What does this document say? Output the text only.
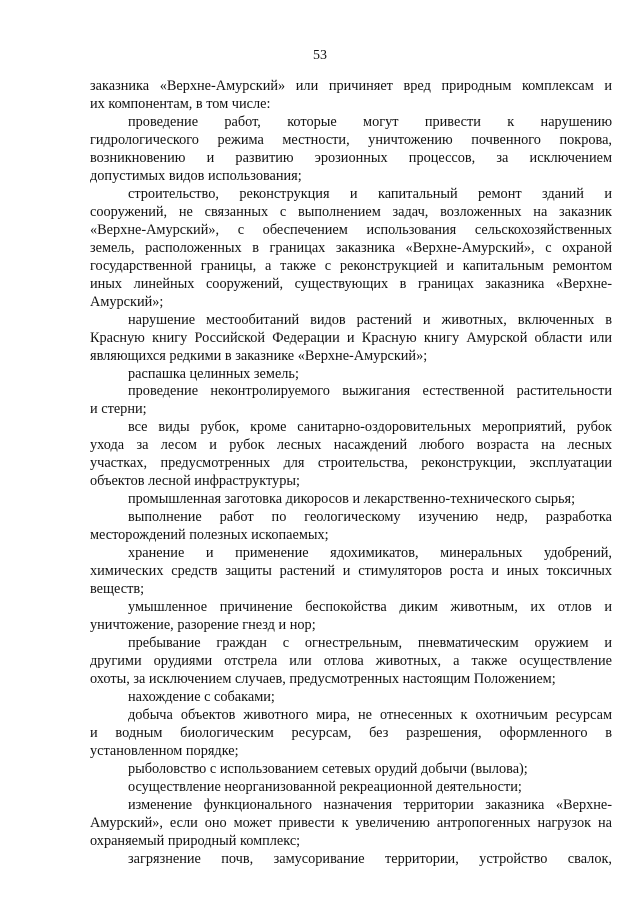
53
заказника «Верхне-Амурский» или причиняет вред природным комплексам и
их компонентам, в том числе:
проведение работ, которые могут привести к нарушению
гидрологического режима местности, уничтожению почвенного покрова,
возникновению и развитию эрозионных процессов, за исключением
допустимых видов использования;
строительство, реконструкция и капитальный ремонт зданий и
сооружений, не связанных с выполнением задач, возложенных на заказник
«Верхне-Амурский», с обеспечением использования сельскохозяйственных
земель, расположенных в границах заказника «Верхне-Амурский», с охраной
государственной границы, а также с реконструкцией и капитальным ремонтом
иных линейных сооружений, существующих в границах заказника «Верхне-
Амурский»;
нарушение местообитаний видов растений и животных, включенных в
Красную книгу Российской Федерации и Красную книгу Амурской области или
являющихся редкими в заказнике «Верхне-Амурский»;
распашка целинных земель;
проведение неконтролируемого выжигания естественной растительности
и стерни;
все виды рубок, кроме санитарно-оздоровительных мероприятий, рубок
ухода за лесом и рубок лесных насаждений любого возраста на лесных
участках, предусмотренных для строительства, реконструкции, эксплуатации
объектов лесной инфраструктуры;
промышленная заготовка дикоросов и лекарственно-технического сырья;
выполнение работ по геологическому изучению недр, разработка
месторождений полезных ископаемых;
хранение и применение ядохимикатов, минеральных удобрений,
химических средств защиты растений и стимуляторов роста и иных токсичных
веществ;
умышленное причинение беспокойства диким животным, их отлов и
уничтожение, разорение гнезд и нор;
пребывание граждан с огнестрельным, пневматическим оружием и
другими орудиями отстрела или отлова животных, а также осуществление
охоты, за исключением случаев, предусмотренных настоящим Положением;
нахождение с собаками;
добыча объектов животного мира, не отнесенных к охотничьим ресурсам
и водным биологическим ресурсам, без разрешения, оформленного в
установленном порядке;
рыболовство с использованием сетевых орудий добычи (вылова);
осуществление неорганизованной рекреационной деятельности;
изменение функционального назначения территории заказника «Верхне-
Амурский», если оно может привести к увеличению антропогенных нагрузок на
охраняемый природный комплекс;
загрязнение почв, замусоривание территории, устройство свалок,
